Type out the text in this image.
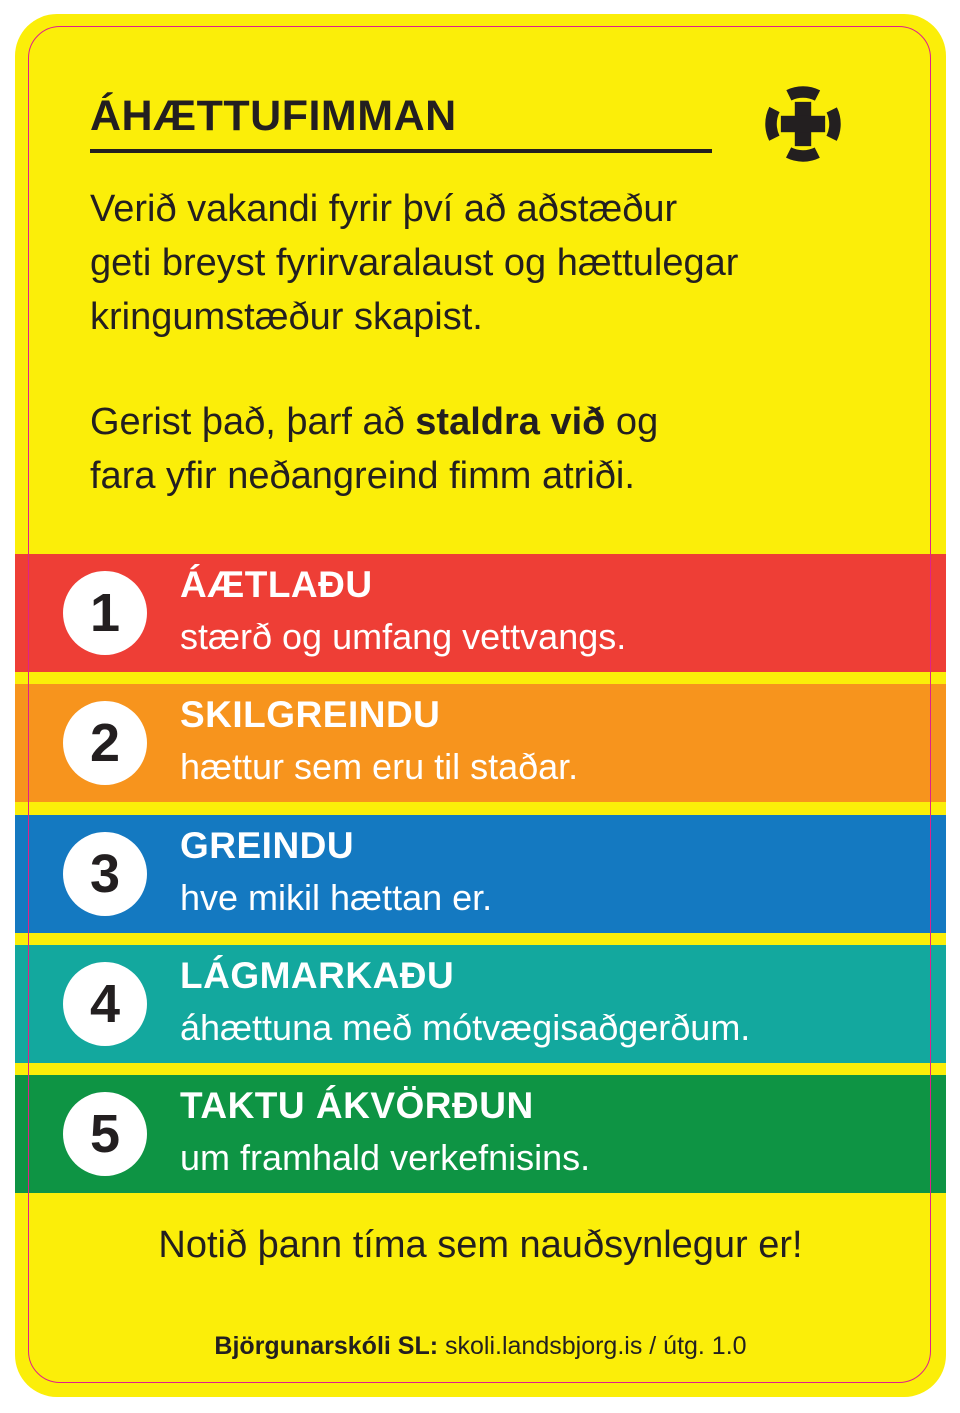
ÁHÆTTUFIMMAN

Verið vakandi fyrir því að aðstæður
geti breyst fyrirvaralaust og hættulegar
kringumstæður skapist.

Gerist það, þarf að staldra við og
fara yfir neðangreind fimm atriði.

1	ÁÆTLAÐU
stærð og umfang vettvangs.
2	SKILGREINDU
hættur sem eru til staðar.
3	GREINDU
hve mikil hættan er.
4	LÁGMARKAÐU
áhættuna með mótvægisaðgerðum.
5	TAKTU ÁKVÖRÐUN
um framhald verkefnisins.

Notið þann tíma sem nauðsynlegur er!

Björgunarskóli SL: skoli.landsbjorg.is / útg. 1.0
